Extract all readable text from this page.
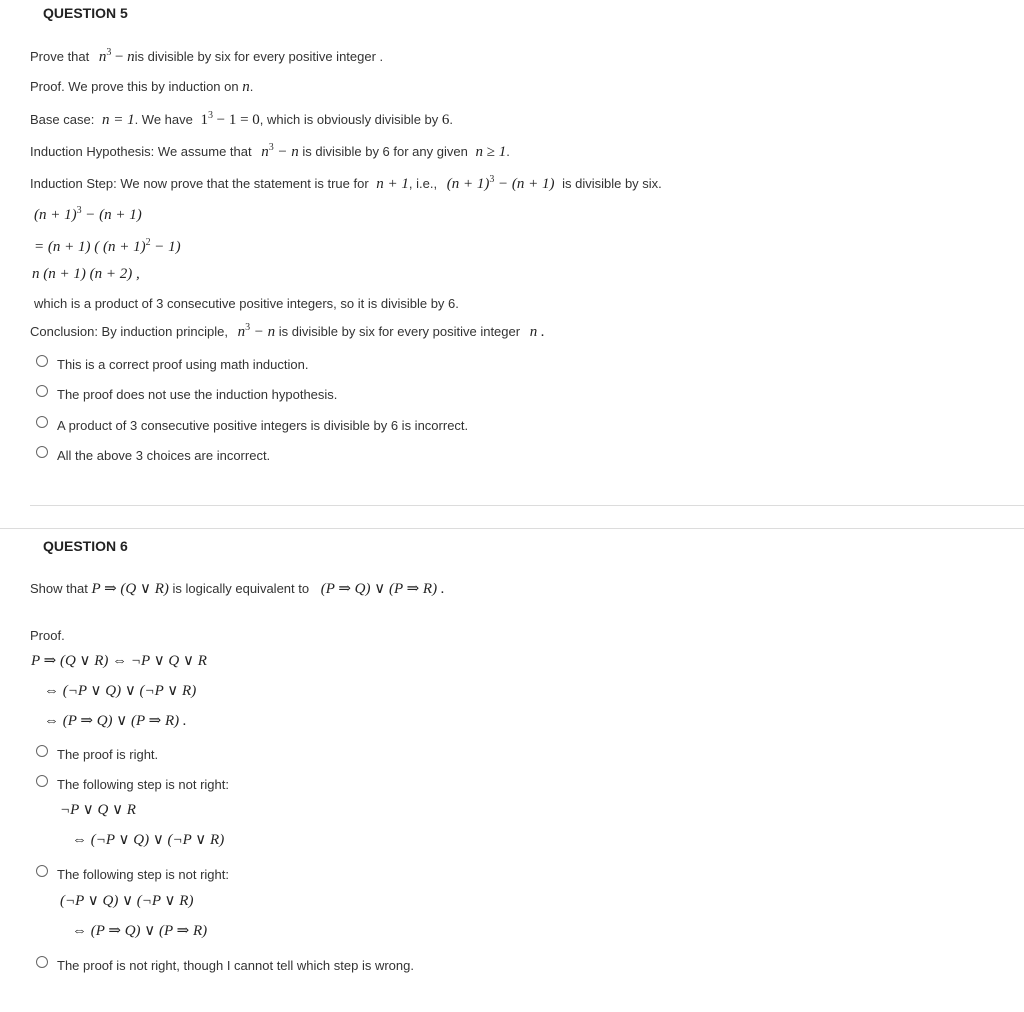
QUESTION 5
Prove that $n^3$ − nis divisible by six for every positive integer .
Proof. We prove this by induction on n.
Base case: n = 1. We have $1^3 - 1 = 0$, which is obviously divisible by 6.
Induction Hypothesis: We assume that $n^3 - n$ is divisible by 6 for any given n ≥ 1.
Induction Step: We now prove that the statement is true for n + 1, i.e., $(n + 1)^3 - (n + 1)$ is divisible by six.
$(n + 1)^3 - (n + 1)$
= (n + 1) ( $(n + 1)^2 - 1$)
n (n + 1) (n + 2) ,
which is a product of 3 consecutive positive integers, so it is divisible by 6.
Conclusion: By induction principle, $n^3 - n$ is divisible by six for every positive integer n .
This is a correct proof using math induction.
The proof does not use the induction hypothesis.
A product of 3 consecutive positive integers is divisible by 6 is incorrect.
All the above 3 choices are incorrect.
QUESTION 6
Show that P ⇒ (Q ∨ R) is logically equivalent to (P ⇒ Q) ∨ (P ⇒ R) .
Proof.
P ⇒ (Q ∨ R) ⇔ ¬P ∨ Q ∨ R
⇔ (¬P ∨ Q) ∨ (¬P ∨ R)
⇔ (P ⇒ Q) ∨ (P ⇒ R) .
The proof is right.
The following step is not right:
¬P ∨ Q ∨ R
⇔ (¬P ∨ Q) ∨ (¬P ∨ R)
The following step is not right:
(¬P ∨ Q) ∨ (¬P ∨ R)
⇔ (P ⇒ Q) ∨ (P ⇒ R)
The proof is not right, though I cannot tell which step is wrong.
